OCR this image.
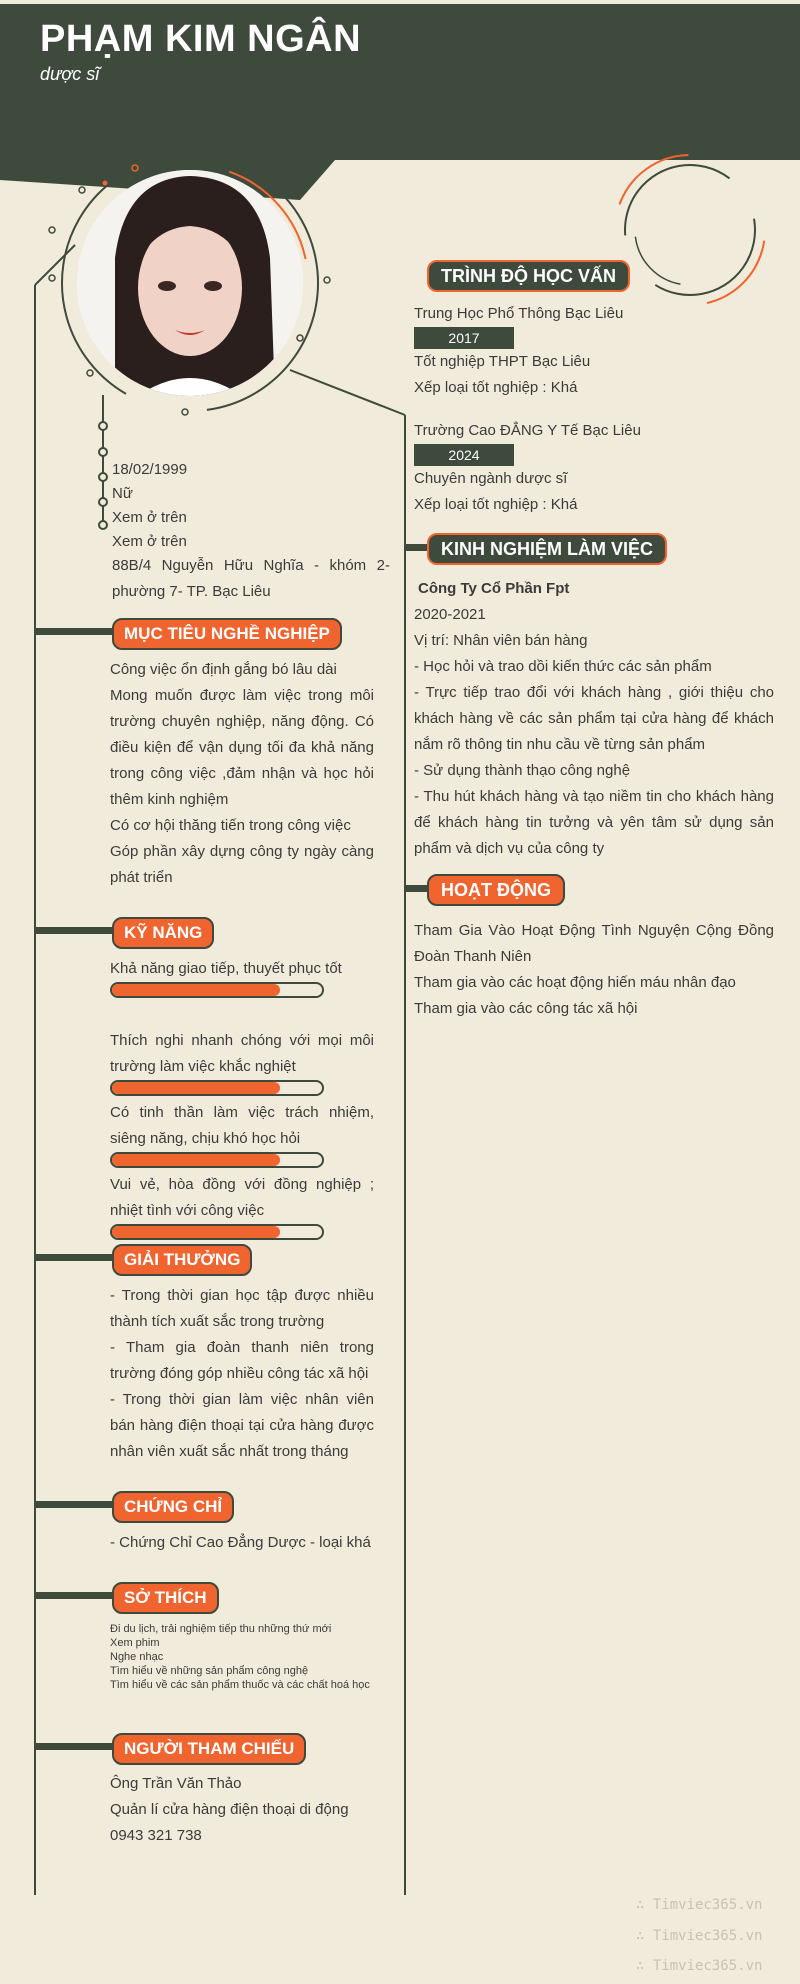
PHẠM KIM NGÂN
dược sĩ
18/02/1999
Nữ
Xem ở trên
Xem ở trên
88B/4 Nguyễn Hữu Nghĩa - khóm 2- phường 7- TP. Bạc Liêu
MỤC TIÊU NGHỀ NGHIỆP
Công việc ổn định gắng bó lâu dài
Mong muốn được làm việc trong môi trường chuyên nghiệp, năng động. Có điều kiện để vận dụng tối đa khả năng trong công việc ,đảm nhận và học hỏi thêm kinh nghiệm
Có cơ hội thăng tiến trong công việc
Góp phần xây dựng công ty ngày càng phát triển
KỸ NĂNG
Khả năng giao tiếp, thuyết phục tốt
Thích nghi nhanh chóng với mọi môi trường làm việc khắc nghiệt
Có tinh thần làm việc trách nhiệm, siêng năng, chịu khó học hỏi
Vui vẻ, hòa đồng với đồng nghiệp ; nhiệt tình với công việc
GIẢI THƯỞNG
- Trong thời gian học tập được nhiều thành tích xuất sắc trong trường
- Tham gia đoàn thanh niên trong trường đóng góp nhiều công tác xã hội
- Trong thời gian làm việc nhân viên bán hàng điện thoại tại cửa hàng được nhân viên xuất sắc nhất trong tháng
CHỨNG CHỈ
- Chứng Chỉ Cao Đẳng Dược - loại khá
SỞ THÍCH
Đi du lịch, trải nghiệm tiếp thu những thứ mới
Xem phim
Nghe nhạc
Tìm hiểu về những sản phẩm công nghệ
Tìm hiểu về các sản phẩm thuốc và các chất hoá học
NGƯỜI THAM CHIẾU
Ông Trần Văn Thảo
Quản lí cửa hàng điện thoại di động
0943 321 738
TRÌNH ĐỘ HỌC VẤN
Trung Học Phổ Thông Bạc Liêu
2017
Tốt nghiệp THPT Bạc Liêu
Xếp loại tốt nghiệp : Khá
Trường Cao ĐẲNG Y Tế Bạc Liêu
2024
Chuyên ngành dược sĩ
Xếp loại tốt nghiệp : Khá
KINH NGHIỆM LÀM VIỆC
Công Ty Cổ Phần Fpt
2020-2021
Vị trí: Nhân viên bán hàng
- Học hỏi và trao dồi kiến thức các sản phẩm
- Trực tiếp trao đổi với khách hàng , giới thiệu cho khách hàng về các sản phẩm tại cửa hàng để khách nắm rõ thông tin nhu cầu về từng sản phẩm
- Sử dụng thành thạo công nghệ
- Thu hút khách hàng và tạo niềm tin cho khách hàng để khách hàng tin tưởng và yên tâm sử dụng sản phẩm và dịch vụ của công ty
HOẠT ĐỘNG
Tham Gia Vào Hoạt Động Tình Nguyện Cộng Đồng Đoàn Thanh Niên
Tham gia vào các hoạt động hiến máu nhân đạo
Tham gia vào các công tác xã hội
∴ Timviec365.vn
∴ Timviec365.vn
∴ Timviec365.vn
